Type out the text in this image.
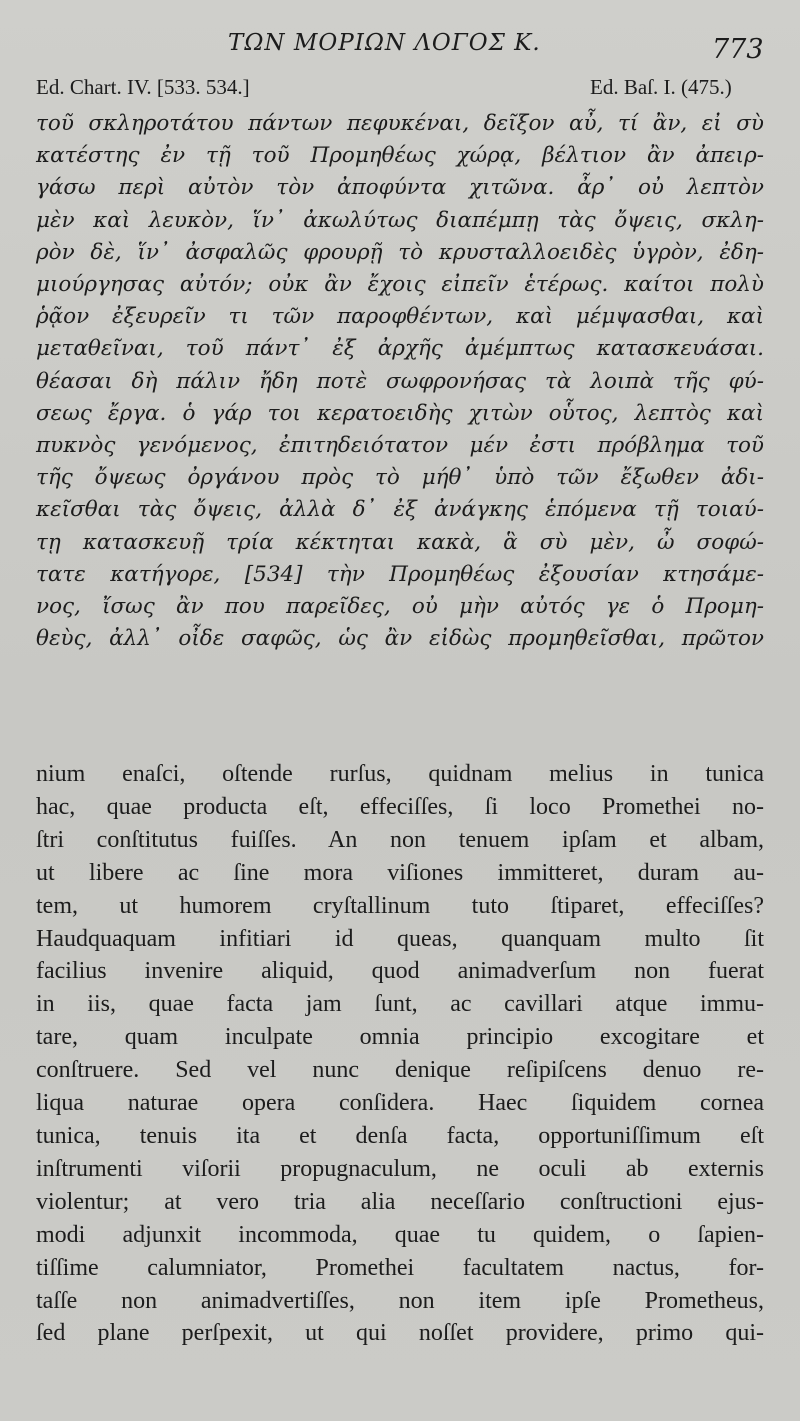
ΤΩΝ ΜΟΡΙΩΝ ΛΟΓΟΣ Κ.	773
Ed. Chart. IV. [533. 534.]	Ed. Baſ. I. (475.)
τοῦ σκληροτάτου πάντων πεφυκέναι, δεῖξον αὖ, τί ἂν, εἰ σὺ
κατέστης ἐν τῇ τοῦ Προμηθέως χώρᾳ, βέλτιον ἂν ἀπειρ-
γάσω περὶ αὐτὸν τὸν ἀποφύντα χιτῶνα. ἆρ᾽ οὐ λεπτὸν
μὲν καὶ λευκὸν, ἵν᾽ ἀκωλύτως διαπέμπῃ τὰς ὄψεις, σκλη-
ρὸν δὲ, ἵν᾽ ἀσφαλῶς φρουρῇ τὸ κρυσταλλοειδὲς ὑγρὸν, ἐδη-
μιούργησας αὐτόν; οὐκ ἂν ἔχοις εἰπεῖν ἑτέρως. καίτοι πολὺ
ῥᾷον ἐξευρεῖν τι τῶν παροφθέντων, καὶ μέμψασθαι, καὶ
μεταθεῖναι, τοῦ πάντ᾽ ἐξ ἀρχῆς ἀμέμπτως κατασκευάσαι.
θέασαι δὴ πάλιν ἤδη ποτὲ σωφρονήσας τὰ λοιπὰ τῆς φύ-
σεως ἔργα. ὁ γάρ τοι κερατοειδὴς χιτὼν οὗτος, λεπτὸς καὶ
πυκνὸς γενόμενος, ἐπιτηδειότατον μέν ἐστι πρόβλημα τοῦ
τῆς ὄψεως ὀργάνου πρὸς τὸ μήθ᾽ ὑπὸ τῶν ἔξωθεν ἀδι-
κεῖσθαι τὰς ὄψεις, ἀλλὰ δ᾽ ἐξ ἀνάγκης ἑπόμενα τῇ τοιαύ-
τῃ κατασκευῇ τρία κέκτηται κακὰ, ἃ σὺ μὲν, ὦ σοφώ-
τατε κατήγορε, [534] τὴν Προμηθέως ἐξουσίαν κτησάμε-
νος, ἴσως ἂν που παρεῖδες, οὐ μὴν αὐτός γε ὁ Προμη-
θεὺς, ἀλλ᾽ οἶδε σαφῶς, ὡς ἂν εἰδὼς προμηθεῖσθαι, πρῶτον
nium enaſci, oſtende rurſus, quidnam melius in tunica
hac, quae producta eſt, effeciſſes, ſi loco Promethei no-
ſtri conſtitutus fuiſſes. An non tenuem ipſam et albam,
ut libere ac ſine mora viſiones immitteret, duram au-
tem, ut humorem cryſtallinum tuto ſtiparet, effeciſſes?
Haudquaquam infitiari id queas, quanquam multo ſit
facilius invenire aliquid, quod animadverſum non fuerat
in iis, quae facta jam ſunt, ac cavillari atque immu-
tare, quam inculpate omnia principio excogitare et
conſtruere. Sed vel nunc denique reſipiſcens denuo re-
liqua naturae opera conſidera. Haec ſiquidem cornea
tunica, tenuis ita et denſa facta, opportuniſſimum eſt
inſtrumenti viſorii propugnaculum, ne oculi ab externis
violentur; at vero tria alia neceſſario conſtructioni ejus-
modi adjunxit incommoda, quae tu quidem, o ſapien-
tiſſime calumniator, Promethei facultatem nactus, for-
taſſe non animadvertiſſes, non item ipſe Prometheus,
ſed plane perſpexit, ut qui noſſet providere, primo qui-
